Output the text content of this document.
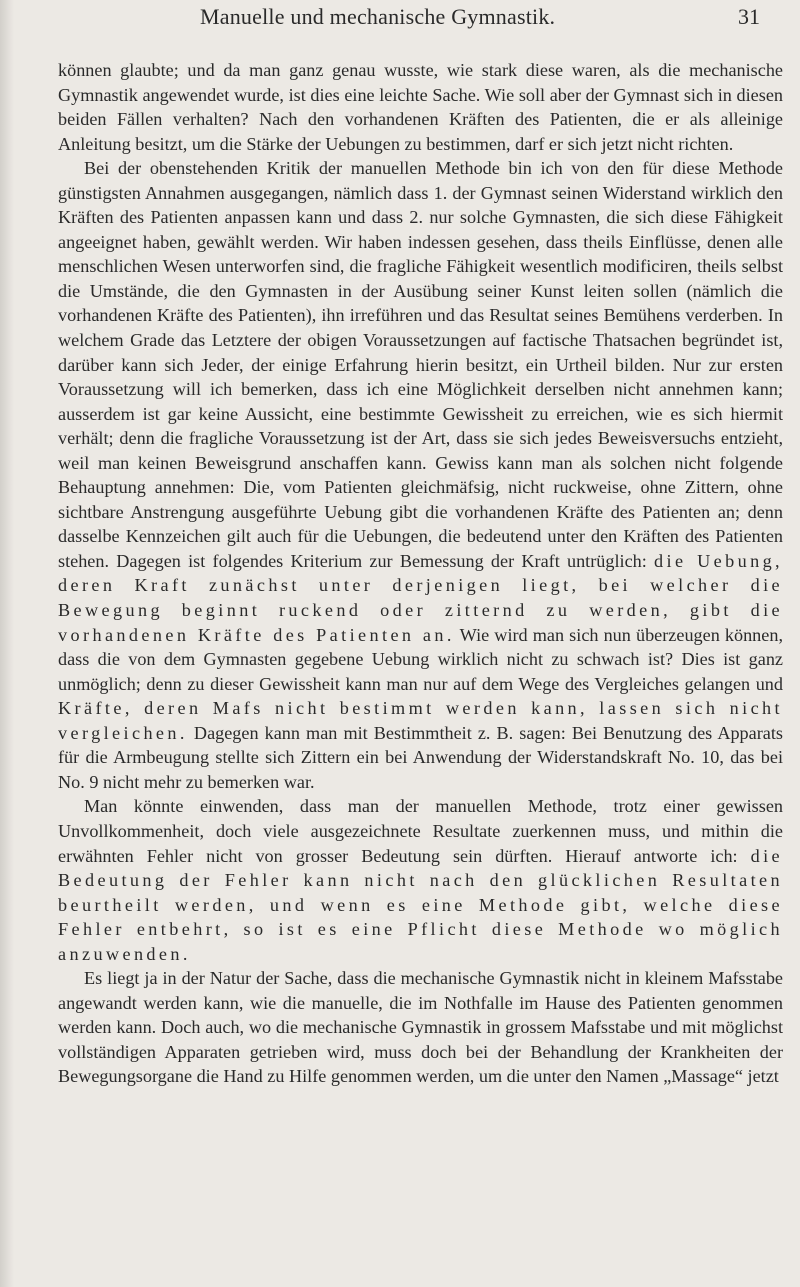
Manuelle und mechanische Gymnastik.	31

können glaubte; und da man ganz genau wusste, wie stark diese waren, als die mechanische Gymnastik angewendet wurde, ist dies eine leichte Sache. Wie soll aber der Gymnast sich in diesen beiden Fällen verhalten? Nach den vorhandenen Kräften des Patienten, die er als alleinige Anleitung besitzt, um die Stärke der Uebungen zu bestimmen, darf er sich jetzt nicht richten.

Bei der obenstehenden Kritik der manuellen Methode bin ich von den für diese Methode günstigsten Annahmen ausgegangen, nämlich dass 1. der Gymnast seinen Widerstand wirklich den Kräften des Patienten anpassen kann und dass 2. nur solche Gymnasten, die sich diese Fähigkeit angeeignet haben, gewählt werden. Wir haben indessen gesehen, dass theils Einflüsse, denen alle menschlichen Wesen unterworfen sind, die fragliche Fähigkeit wesentlich modificiren, theils selbst die Umstände, die den Gymnasten in der Ausübung seiner Kunst leiten sollen (nämlich die vorhandenen Kräfte des Patienten), ihn irreführen und das Resultat seines Bemühens verderben. In welchem Grade das Letztere der obigen Voraussetzungen auf factische Thatsachen begründet ist, darüber kann sich Jeder, der einige Erfahrung hierin besitzt, ein Urtheil bilden. Nur zur ersten Voraussetzung will ich bemerken, dass ich eine Möglichkeit derselben nicht annehmen kann; ausserdem ist gar keine Aussicht, eine bestimmte Gewissheit zu erreichen, wie es sich hiermit verhält; denn die fragliche Voraussetzung ist der Art, dass sie sich jedes Beweisversuchs entzieht, weil man keinen Beweisgrund anschaffen kann. Gewiss kann man als solchen nicht folgende Behauptung annehmen: Die, vom Patienten gleichmäfsig, nicht ruckweise, ohne Zittern, ohne sichtbare Anstrengung ausgeführte Uebung gibt die vorhandenen Kräfte des Patienten an; denn dasselbe Kennzeichen gilt auch für die Uebungen, die bedeutend unter den Kräften des Patienten stehen. Dagegen ist folgendes Kriterium zur Bemessung der Kraft untrüglich: die Uebung, deren Kraft zunächst unter derjenigen liegt, bei welcher die Bewegung beginnt ruckend oder zitternd zu werden, gibt die vorhandenen Kräfte des Patienten an. Wie wird man sich nun überzeugen können, dass die von dem Gymnasten gegebene Uebung wirklich nicht zu schwach ist? Dies ist ganz unmöglich; denn zu dieser Gewissheit kann man nur auf dem Wege des Vergleiches gelangen und Kräfte, deren Mafs nicht bestimmt werden kann, lassen sich nicht vergleichen. Dagegen kann man mit Bestimmtheit z. B. sagen: Bei Benutzung des Apparats für die Armbeugung stellte sich Zittern ein bei Anwendung der Widerstandskraft No. 10, das bei No. 9 nicht mehr zu bemerken war.

Man könnte einwenden, dass man der manuellen Methode, trotz einer gewissen Unvollkommenheit, doch viele ausgezeichnete Resultate zuerkennen muss, und mithin die erwähnten Fehler nicht von grosser Bedeutung sein dürften. Hierauf antworte ich: die Bedeutung der Fehler kann nicht nach den glücklichen Resultaten beurtheilt werden, und wenn es eine Methode gibt, welche diese Fehler entbehrt, so ist es eine Pflicht diese Methode wo möglich anzuwenden.

Es liegt ja in der Natur der Sache, dass die mechanische Gymnastik nicht in kleinem Mafsstabe angewandt werden kann, wie die manuelle, die im Nothfalle im Hause des Patienten genommen werden kann. Doch auch, wo die mechanische Gymnastik in grossem Mafsstabe und mit möglichst vollständigen Apparaten getrieben wird, muss doch bei der Behandlung der Krankheiten der Bewegungsorgane die Hand zu Hilfe genommen werden, um die unter den Namen „Massage“ jetzt
